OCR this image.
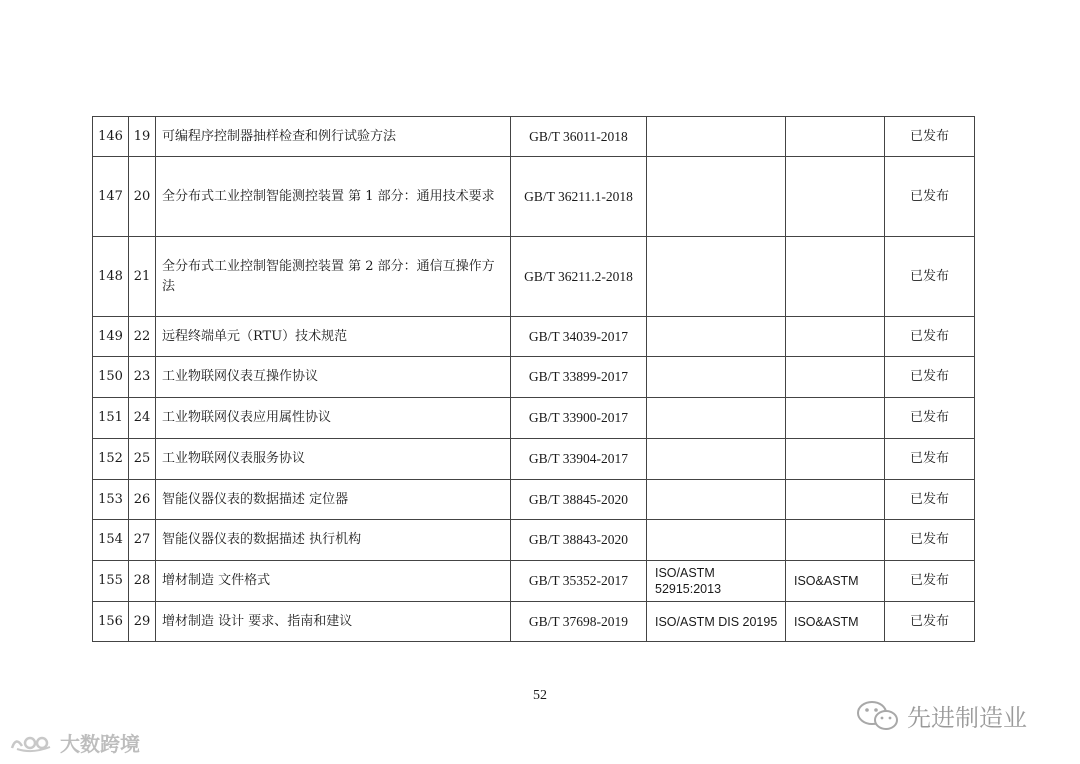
146	19	可编程序控制器抽样检查和例行试验方法	GB/T 36011-2018			已发布
147	20	全分布式工业控制智能测控装置 第 1 部分：通用技术要求	GB/T 36211.1-2018			已发布
148	21	全分布式工业控制智能测控装置 第 2 部分：通信互操作方法	GB/T 36211.2-2018			已发布
149	22	远程终端单元（RTU）技术规范	GB/T 34039-2017			已发布
150	23	工业物联网仪表互操作协议	GB/T 33899-2017			已发布
151	24	工业物联网仪表应用属性协议	GB/T 33900-2017			已发布
152	25	工业物联网仪表服务协议	GB/T 33904-2017			已发布
153	26	智能仪器仪表的数据描述 定位器	GB/T 38845-2020			已发布
154	27	智能仪器仪表的数据描述 执行机构	GB/T 38843-2020			已发布
155	28	增材制造 文件格式	GB/T 35352-2017	ISO/ASTM 52915:2013	ISO&ASTM	已发布
156	29	增材制造 设计 要求、指南和建议	GB/T 37698-2019	ISO/ASTM DIS 20195	ISO&ASTM	已发布
52
大数跨境
先进制造业
